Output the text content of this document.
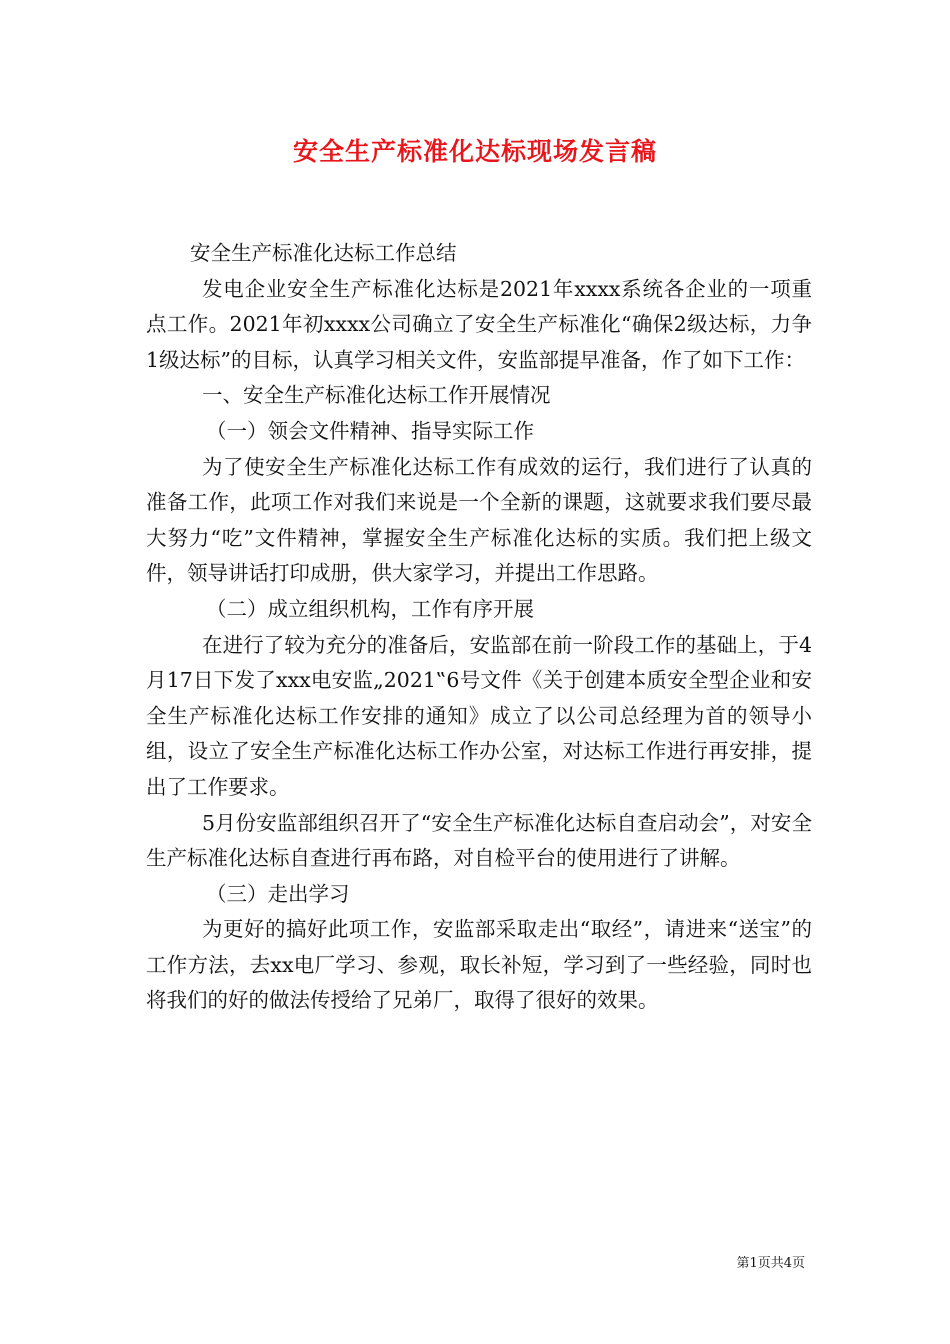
安全生产标准化达标现场发言稿

安全生产标准化达标工作总结

发电企业安全生产标准化达标是2021年xxxx系统各企业的一项重点工作。2021年初xxxx公司确立了安全生产标准化“确保2级达标，力争1级达标”的目标，认真学习相关文件，安监部提早准备，作了如下工作：

一、安全生产标准化达标工作开展情况

（一）领会文件精神、指导实际工作

为了使安全生产标准化达标工作有成效的运行，我们进行了认真的准备工作，此项工作对我们来说是一个全新的课题，这就要求我们要尽最大努力“吃”文件精神，掌握安全生产标准化达标的实质。我们把上级文件，领导讲话打印成册，供大家学习，并提出工作思路。

（二）成立组织机构，工作有序开展

在进行了较为充分的准备后，安监部在前一阶段工作的基础上，于4月17日下发了xxx电安监„2021‟6号文件《关于创建本质安全型企业和安全生产标准化达标工作安排的通知》成立了以公司总经理为首的领导小组，设立了安全生产标准化达标工作办公室，对达标工作进行再安排，提出了工作要求。

5月份安监部组织召开了“安全生产标准化达标自查启动会”，对安全生产标准化达标自查进行再布路，对自检平台的使用进行了讲解。

（三）走出学习

为更好的搞好此项工作，安监部采取走出“取经”，请进来“送宝”的工作方法，去xx电厂学习、参观，取长补短，学习到了一些经验，同时也将我们的好的做法传授给了兄弟厂，取得了很好的效果。

第1页共4页
